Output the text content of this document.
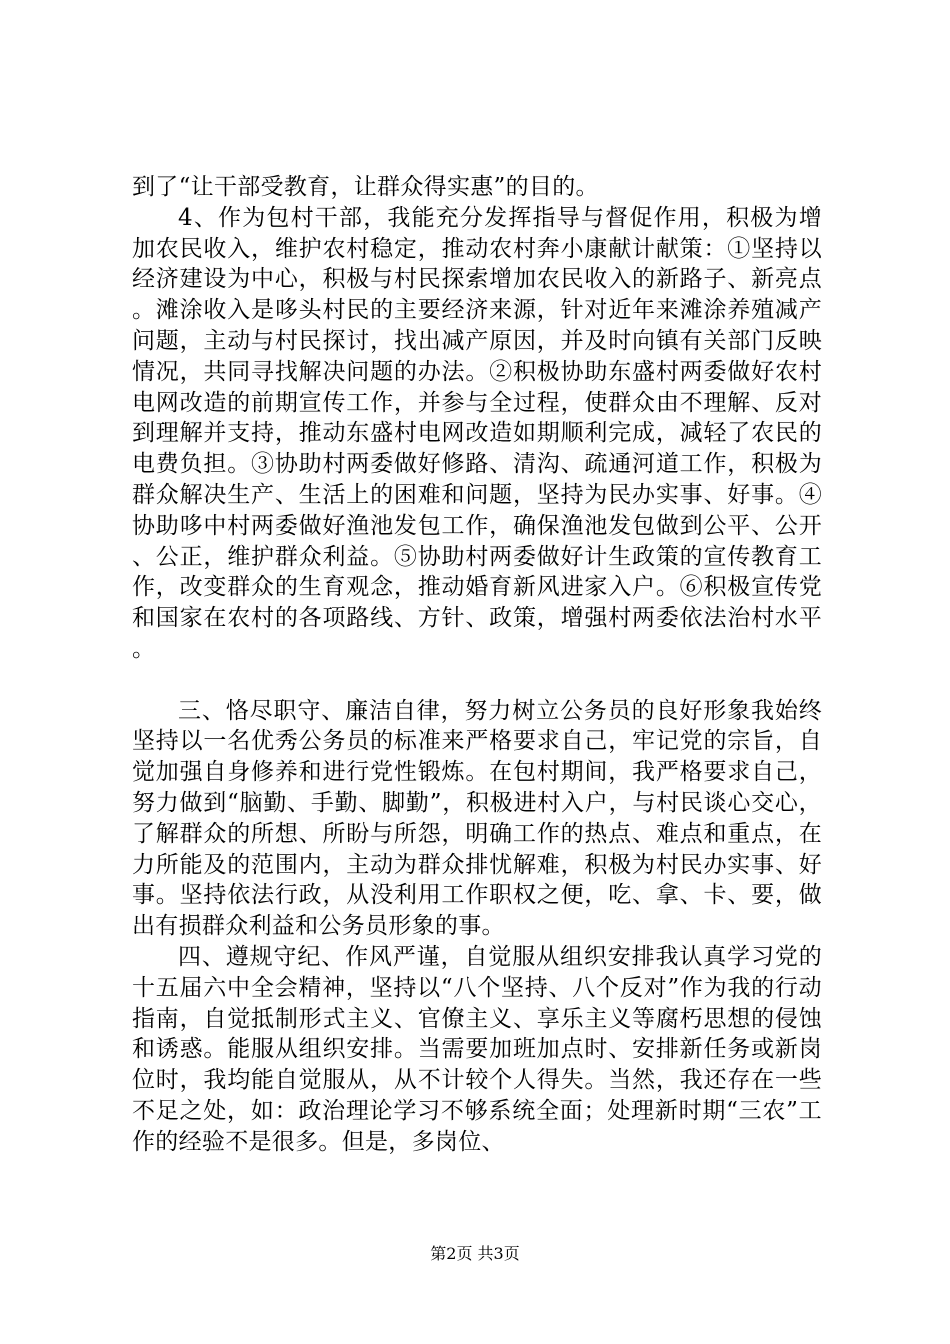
到了“让干部受教育，让群众得实惠”的目的。

4、作为包村干部，我能充分发挥指导与督促作用，积极为增加农民收入，维护农村稳定，推动农村奔小康献计献策：①坚持以经济建设为中心，积极与村民探索增加农民收入的新路子、新亮点。滩涂收入是哆头村民的主要经济来源，针对近年来滩涂养殖减产问题，主动与村民探讨，找出减产原因，并及时向镇有关部门反映情况，共同寻找解决问题的办法。②积极协助东盛村两委做好农村电网改造的前期宣传工作，并参与全过程，使群众由不理解、反对到理解并支持，推动东盛村电网改造如期顺利完成，减轻了农民的电费负担。③协助村两委做好修路、清沟、疏通河道工作，积极为群众解决生产、生活上的困难和问题，坚持为民办实事、好事。④协助哆中村两委做好渔池发包工作，确保渔池发包做到公平、公开、公正，维护群众利益。⑤协助村两委做好计生政策的宣传教育工作，改变群众的生育观念，推动婚育新风进家入户。⑥积极宣传党和国家在农村的各项路线、方针、政策，增强村两委依法治村水平。

三、恪尽职守、廉洁自律，努力树立公务员的良好形象我始终坚持以一名优秀公务员的标准来严格要求自己，牢记党的宗旨，自觉加强自身修养和进行党性锻炼。在包村期间，我严格要求自己，努力做到“脑勤、手勤、脚勤”，积极进村入户，与村民谈心交心，了解群众的所想、所盼与所怨，明确工作的热点、难点和重点，在力所能及的范围内，主动为群众排忧解难，积极为村民办实事、好事。坚持依法行政，从没利用工作职权之便，吃、拿、卡、要，做出有损群众利益和公务员形象的事。

四、遵规守纪、作风严谨，自觉服从组织安排我认真学习党的十五届六中全会精神，坚持以“八个坚持、八个反对”作为我的行动指南，自觉抵制形式主义、官僚主义、享乐主义等腐朽思想的侵蚀和诱惑。能服从组织安排。当需要加班加点时、安排新任务或新岗位时，我均能自觉服从，从不计较个人得失。当然，我还存在一些不足之处，如：政治理论学习不够系统全面；处理新时期“三农”工作的经验不是很多。但是，多岗位、

第2页 共3页
